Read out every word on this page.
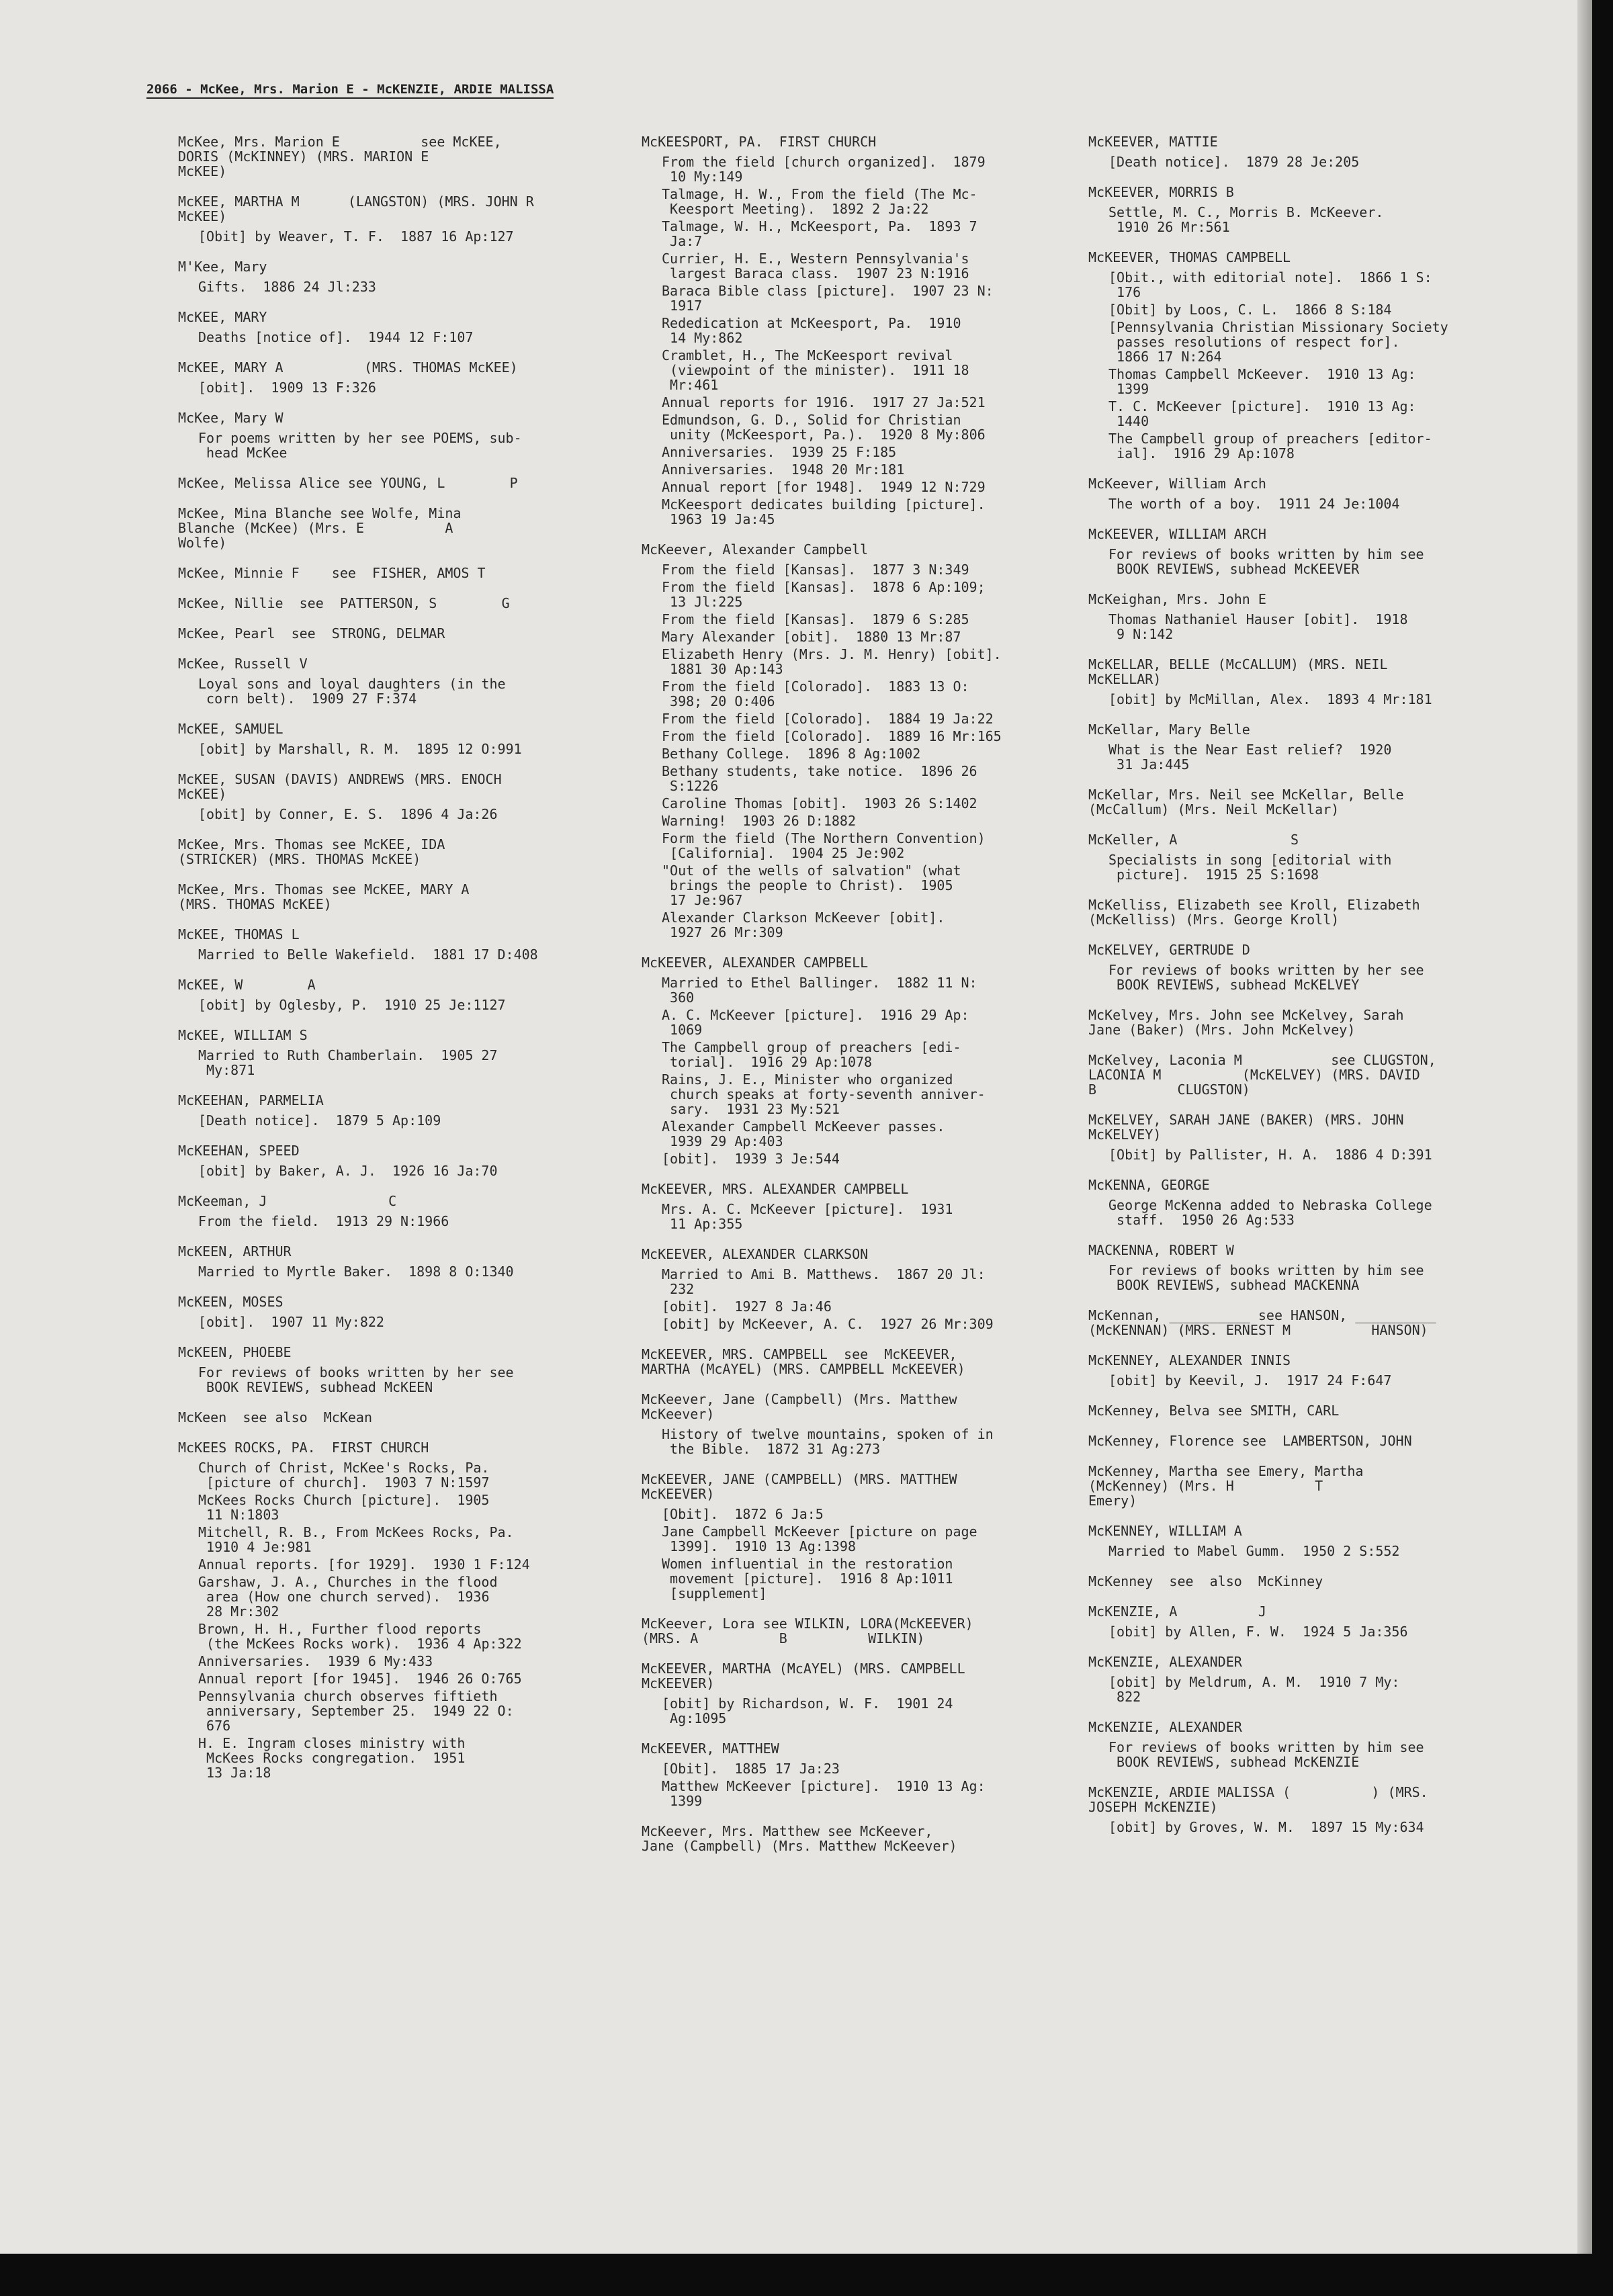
2066 - McKee, Mrs. Marion E - McKENZIE, ARDIE MALISSA
McKee, Mrs. Marion E          see McKEE,
DORIS (McKINNEY) (MRS. MARION E
McKEE)
McKEE, MARTHA M      (LANGSTON) (MRS. JOHN R
McKEE)
[Obit] by Weaver, T. F.  1887 16 Ap:127
M'Kee, Mary
Gifts.  1886 24 Jl:233
McKEE, MARY
Deaths [notice of].  1944 12 F:107
McKEE, MARY A          (MRS. THOMAS McKEE)
[obit].  1909 13 F:326
McKee, Mary W
For poems written by her see POEMS, sub-
head McKee
McKee, Melissa Alice see YOUNG, L        P
McKee, Mina Blanche see Wolfe, Mina
Blanche (McKee) (Mrs. E          A
Wolfe)
McKee, Minnie F    see  FISHER, AMOS T
McKee, Nillie  see  PATTERSON, S        G
McKee, Pearl  see  STRONG, DELMAR
McKee, Russell V
Loyal sons and loyal daughters (in the
corn belt).  1909 27 F:374
McKEE, SAMUEL
[obit] by Marshall, R. M.  1895 12 O:991
McKEE, SUSAN (DAVIS) ANDREWS (MRS. ENOCH
McKEE)
[obit] by Conner, E. S.  1896 4 Ja:26
McKee, Mrs. Thomas see McKEE, IDA
(STRICKER) (MRS. THOMAS McKEE)
McKee, Mrs. Thomas see McKEE, MARY A
(MRS. THOMAS McKEE)
McKEE, THOMAS L
Married to Belle Wakefield.  1881 17 D:408
McKEE, W        A
[obit] by Oglesby, P.  1910 25 Je:1127
McKEE, WILLIAM S
Married to Ruth Chamberlain.  1905 27
My:871
McKEEHAN, PARMELIA
[Death notice].  1879 5 Ap:109
McKEEHAN, SPEED
[obit] by Baker, A. J.  1926 16 Ja:70
McKeeman, J               C
From the field.  1913 29 N:1966
McKEEN, ARTHUR
Married to Myrtle Baker.  1898 8 O:1340
McKEEN, MOSES
[obit].  1907 11 My:822
McKEEN, PHOEBE
For reviews of books written by her see
BOOK REVIEWS, subhead McKEEN
McKeen  see also  McKean
McKEES ROCKS, PA.  FIRST CHURCH
Church of Christ, McKee's Rocks, Pa.
[picture of church].  1903 7 N:1597
McKees Rocks Church [picture].  1905
11 N:1803
Mitchell, R. B., From McKees Rocks, Pa.
1910 4 Je:981
Annual reports. [for 1929].  1930 1 F:124
Garshaw, J. A., Churches in the flood
area (How one church served).  1936
28 Mr:302
Brown, H. H., Further flood reports
(the McKees Rocks work).  1936 4 Ap:322
Anniversaries.  1939 6 My:433
Annual report [for 1945].  1946 26 O:765
Pennsylvania church observes fiftieth
anniversary, September 25.  1949 22 O:
676
H. E. Ingram closes ministry with
McKees Rocks congregation.  1951
13 Ja:18
McKEESPORT, PA.  FIRST CHURCH
From the field [church organized].  1879
10 My:149
Talmage, H. W., From the field (The Mc-
Keesport Meeting).  1892 2 Ja:22
Talmage, W. H., McKeesport, Pa.  1893 7
Ja:7
Currier, H. E., Western Pennsylvania's
largest Baraca class.  1907 23 N:1916
Baraca Bible class [picture].  1907 23 N:
1917
Rededication at McKeesport, Pa.  1910
14 My:862
Cramblet, H., The McKeesport revival
(viewpoint of the minister).  1911 18
Mr:461
Annual reports for 1916.  1917 27 Ja:521
Edmundson, G. D., Solid for Christian
unity (McKeesport, Pa.).  1920 8 My:806
Anniversaries.  1939 25 F:185
Anniversaries.  1948 20 Mr:181
Annual report [for 1948].  1949 12 N:729
McKeesport dedicates building [picture].
1963 19 Ja:45
McKeever, Alexander Campbell
From the field [Kansas].  1877 3 N:349
From the field [Kansas].  1878 6 Ap:109;
13 Jl:225
From the field [Kansas].  1879 6 S:285
Mary Alexander [obit].  1880 13 Mr:87
Elizabeth Henry (Mrs. J. M. Henry) [obit].
1881 30 Ap:143
From the field [Colorado].  1883 13 O:
398; 20 O:406
From the field [Colorado].  1884 19 Ja:22
From the field [Colorado].  1889 16 Mr:165
Bethany College.  1896 8 Ag:1002
Bethany students, take notice.  1896 26
S:1226
Caroline Thomas [obit].  1903 26 S:1402
Warning!  1903 26 D:1882
Form the field (The Northern Convention)
[California].  1904 25 Je:902
"Out of the wells of salvation" (what
brings the people to Christ).  1905
17 Je:967
Alexander Clarkson McKeever [obit].
1927 26 Mr:309
McKEEVER, ALEXANDER CAMPBELL
Married to Ethel Ballinger.  1882 11 N:
360
A. C. McKeever [picture].  1916 29 Ap:
1069
The Campbell group of preachers [edi-
torial].  1916 29 Ap:1078
Rains, J. E., Minister who organized
church speaks at forty-seventh anniver-
sary.  1931 23 My:521
Alexander Campbell McKeever passes.
1939 29 Ap:403
[obit].  1939 3 Je:544
McKEEVER, MRS. ALEXANDER CAMPBELL
Mrs. A. C. McKeever [picture].  1931
11 Ap:355
McKEEVER, ALEXANDER CLARKSON
Married to Ami B. Matthews.  1867 20 Jl:
232
[obit].  1927 8 Ja:46
[obit] by McKeever, A. C.  1927 26 Mr:309
McKEEVER, MRS. CAMPBELL  see  McKEEVER,
MARTHA (McAYEL) (MRS. CAMPBELL McKEEVER)
McKeever, Jane (Campbell) (Mrs. Matthew
McKeever)
History of twelve mountains, spoken of in
the Bible.  1872 31 Ag:273
McKEEVER, JANE (CAMPBELL) (MRS. MATTHEW
McKEEVER)
[Obit].  1872 6 Ja:5
Jane Campbell McKeever [picture on page
1399].  1910 13 Ag:1398
Women influential in the restoration
movement [picture].  1916 8 Ap:1011
[supplement]
McKeever, Lora see WILKIN, LORA(McKEEVER)
(MRS. A          B          WILKIN)
McKEEVER, MARTHA (McAYEL) (MRS. CAMPBELL
McKEEVER)
[obit] by Richardson, W. F.  1901 24
Ag:1095
McKEEVER, MATTHEW
[Obit].  1885 17 Ja:23
Matthew McKeever [picture].  1910 13 Ag:
1399
McKeever, Mrs. Matthew see McKeever,
Jane (Campbell) (Mrs. Matthew McKeever)
McKEEVER, MATTIE
[Death notice].  1879 28 Je:205
McKEEVER, MORRIS B
Settle, M. C., Morris B. McKeever.
1910 26 Mr:561
McKEEVER, THOMAS CAMPBELL
[Obit., with editorial note].  1866 1 S:
176
[Obit] by Loos, C. L.  1866 8 S:184
[Pennsylvania Christian Missionary Society
passes resolutions of respect for].
1866 17 N:264
Thomas Campbell McKeever.  1910 13 Ag:
1399
T. C. McKeever [picture].  1910 13 Ag:
1440
The Campbell group of preachers [editor-
ial].  1916 29 Ap:1078
McKeever, William Arch
The worth of a boy.  1911 24 Je:1004
McKEEVER, WILLIAM ARCH
For reviews of books written by him see
BOOK REVIEWS, subhead McKEEVER
McKeighan, Mrs. John E
Thomas Nathaniel Hauser [obit].  1918
9 N:142
McKELLAR, BELLE (McCALLUM) (MRS. NEIL
McKELLAR)
[obit] by McMillan, Alex.  1893 4 Mr:181
McKellar, Mary Belle
What is the Near East relief?  1920
31 Ja:445
McKellar, Mrs. Neil see McKellar, Belle
(McCallum) (Mrs. Neil McKellar)
McKeller, A              S
Specialists in song [editorial with
picture].  1915 25 S:1698
McKelliss, Elizabeth see Kroll, Elizabeth
(McKelliss) (Mrs. George Kroll)
McKELVEY, GERTRUDE D
For reviews of books written by her see
BOOK REVIEWS, subhead McKELVEY
McKelvey, Mrs. John see McKelvey, Sarah
Jane (Baker) (Mrs. John McKelvey)
McKelvey, Laconia M           see CLUGSTON,
LACONIA M          (McKELVEY) (MRS. DAVID
B          CLUGSTON)
McKELVEY, SARAH JANE (BAKER) (MRS. JOHN
McKELVEY)
[Obit] by Pallister, H. A.  1886 4 D:391
McKENNA, GEORGE
George McKenna added to Nebraska College
staff.  1950 26 Ag:533
MACKENNA, ROBERT W
For reviews of books written by him see
BOOK REVIEWS, subhead MACKENNA
McKennan, __________ see HANSON, __________
(McKENNAN) (MRS. ERNEST M          HANSON)
McKENNEY, ALEXANDER INNIS
[obit] by Keevil, J.  1917 24 F:647
McKenney, Belva see SMITH, CARL
McKenney, Florence see  LAMBERTSON, JOHN
McKenney, Martha see Emery, Martha
(McKenney) (Mrs. H          T
Emery)
McKENNEY, WILLIAM A
Married to Mabel Gumm.  1950 2 S:552
McKenney  see  also  McKinney
McKENZIE, A          J
[obit] by Allen, F. W.  1924 5 Ja:356
McKENZIE, ALEXANDER
[obit] by Meldrum, A. M.  1910 7 My:
822
McKENZIE, ALEXANDER
For reviews of books written by him see
BOOK REVIEWS, subhead McKENZIE
McKENZIE, ARDIE MALISSA (          ) (MRS.
JOSEPH McKENZIE)
[obit] by Groves, W. M.  1897 15 My:634
